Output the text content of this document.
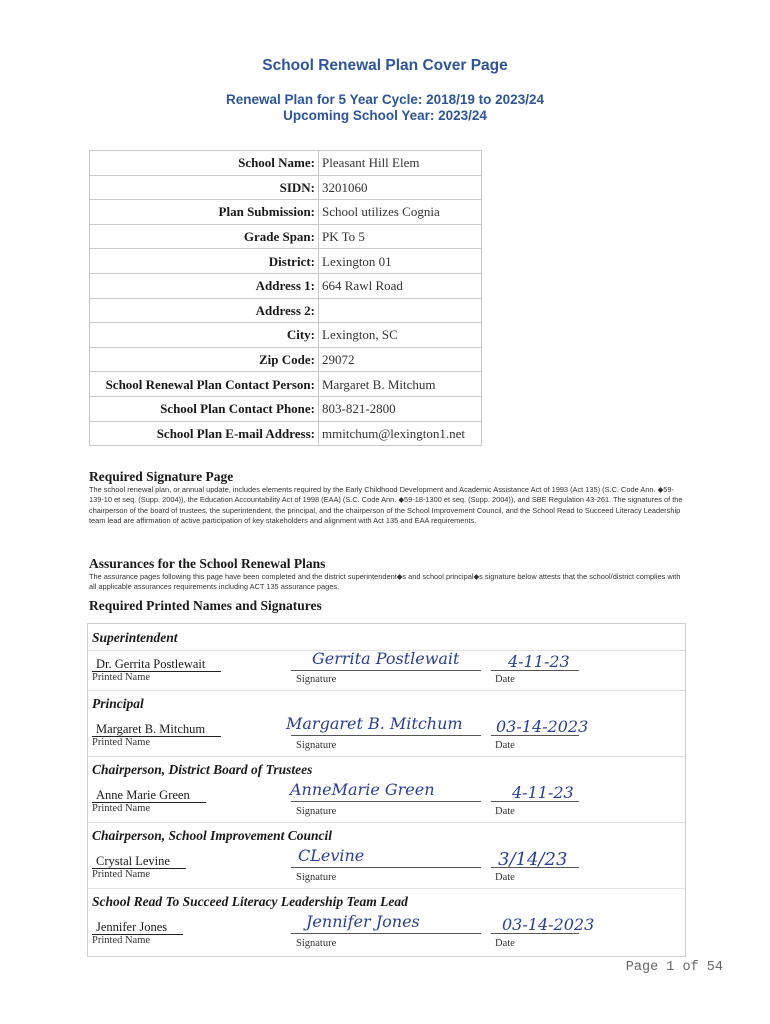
School Renewal Plan Cover Page
Renewal Plan for 5 Year Cycle: 2018/19 to 2023/24
Upcoming School Year: 2023/24
School Name:	Pleasant Hill Elem
SIDN:	3201060
Plan Submission:	School utilizes Cognia
Grade Span:	PK To 5
District:	Lexington 01
Address 1:	664 Rawl Road
Address 2:	
City:	Lexington, SC
Zip Code:	29072
School Renewal Plan Contact Person:	Margaret B. Mitchum
School Plan Contact Phone:	803-821-2800
School Plan E-mail Address:	mmitchum@lexington1.net
Required Signature Page
The school renewal plan, or annual update, includes elements required by the Early Childhood Development and Academic Assistance Act of 1993 (Act 135) (S.C. Code Ann. ◆59-139-10 et seq. (Supp. 2004)), the Education Accountability Act of 1998 (EAA) (S.C. Code Ann. ◆59-18-1300 et seq. (Supp. 2004)), and SBE Regulation 43-261. The signatures of the chairperson of the board of trustees, the superintendent, the principal, and the chairperson of the School Improvement Council, and the School Read to Succeed Literacy Leadership team lead are affirmation of active participation of key stakeholders and alignment with Act 135 and EAA requirements.
Assurances for the School Renewal Plans
The assurance pages following this page have been completed and the district superintendent◆s and school principal◆s signature below attests that the school/district complies with all applicable assurances requirements including ACT 135 assurance pages.
Required Printed Names and Signatures
Superintendent
Dr. Gerrita Postlewait
Printed Name
Gerrita Postlewait
Signature
4-11-23
Date
Principal
Margaret B. Mitchum
Printed Name
Margaret B. Mitchum
Signature
03-14-2023
Date
Chairperson, District Board of Trustees
Anne Marie Green
Printed Name
AnneMarie Green
Signature
4-11-23
Date
Chairperson, School Improvement Council
Crystal Levine
Printed Name
CLevine
Signature
3/14/23
Date
School Read To Succeed Literacy Leadership Team Lead
Jennifer Jones
Printed Name
Jennifer Jones
Signature
03-14-2023
Date
Page 1 of 54
